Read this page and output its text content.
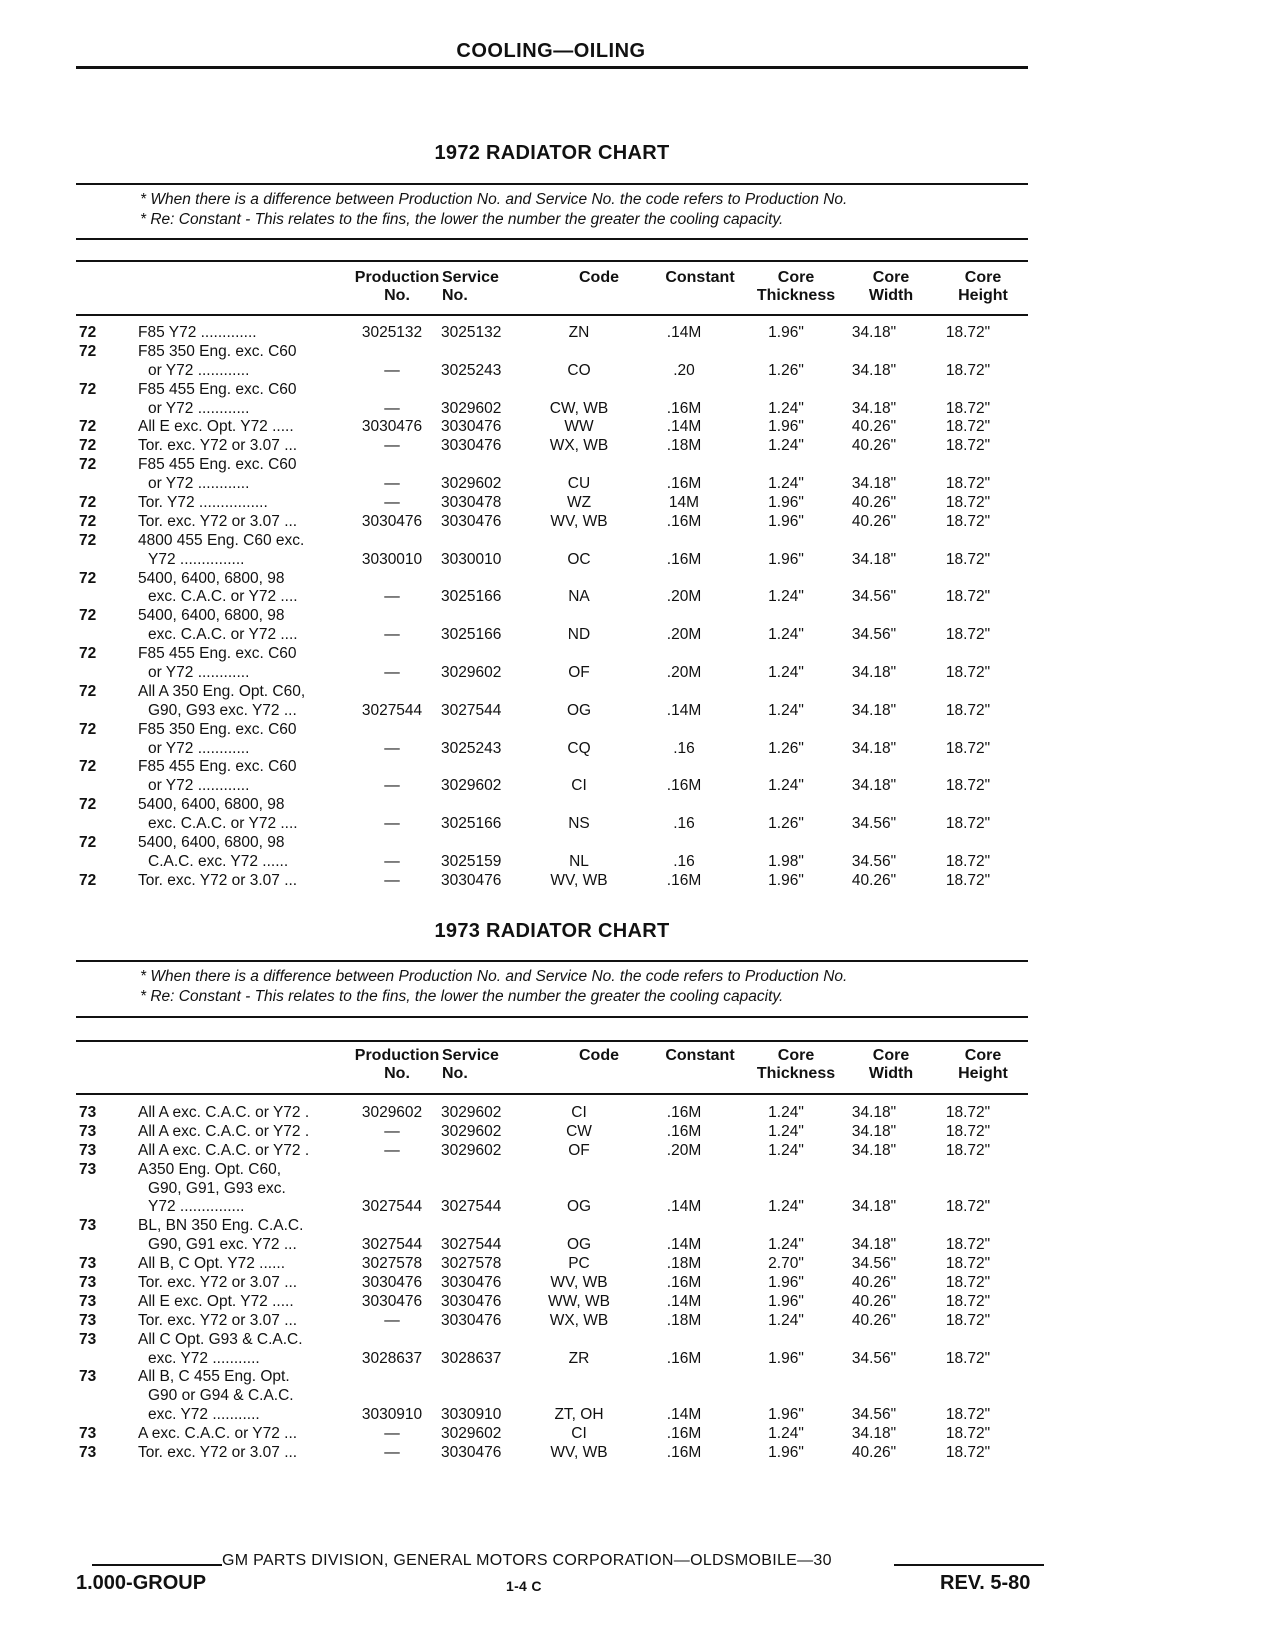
COOLING—OILING
1972 RADIATOR CHART
* When there is a difference between Production No. and Service No. the code refers to Production No.
* Re: Constant - This relates to the fins, the lower the number the greater the cooling capacity.
Production
No.
Service
No.
Code	Constant	Core
Thickness
Core
Width
Core
Height
72	F85 Y72 .............	3025132	3025132	ZN	.14M	1.96"	34.18"	18.72"
72	F85 350 Eng. exc. C60
or Y72 ............	—	3025243	CO	.20	1.26"	34.18"	18.72"
72	F85 455 Eng. exc. C60
or Y72 ............	—	3029602	CW, WB	.16M	1.24"	34.18"	18.72"
72	All E exc. Opt. Y72 .....	3030476	3030476	WW	.14M	1.96"	40.26"	18.72"
72	Tor. exc. Y72 or 3.07 ...	—	3030476	WX, WB	.18M	1.24"	40.26"	18.72"
72	F85 455 Eng. exc. C60
or Y72 ............	—	3029602	CU	.16M	1.24"	34.18"	18.72"
72	Tor. Y72 ................	—	3030478	WZ	14M	1.96"	40.26"	18.72"
72	Tor. exc. Y72 or 3.07 ...	3030476	3030476	WV, WB	.16M	1.96"	40.26"	18.72"
72	4800 455 Eng. C60 exc.
Y72 ...............	3030010	3030010	OC	.16M	1.96"	34.18"	18.72"
72	5400, 6400, 6800, 98
exc. C.A.C. or Y72 ....	—	3025166	NA	.20M	1.24"	34.56"	18.72"
72	5400, 6400, 6800, 98
exc. C.A.C. or Y72 ....	—	3025166	ND	.20M	1.24"	34.56"	18.72"
72	F85 455 Eng. exc. C60
or Y72 ............	—	3029602	OF	.20M	1.24"	34.18"	18.72"
72	All A 350 Eng. Opt. C60,
G90, G93 exc. Y72 ...	3027544	3027544	OG	.14M	1.24"	34.18"	18.72"
72	F85 350 Eng. exc. C60
or Y72 ............	—	3025243	CQ	.16	1.26"	34.18"	18.72"
72	F85 455 Eng. exc. C60
or Y72 ............	—	3029602	CI	.16M	1.24"	34.18"	18.72"
72	5400, 6400, 6800, 98
exc. C.A.C. or Y72 ....	—	3025166	NS	.16	1.26"	34.56"	18.72"
72	5400, 6400, 6800, 98
C.A.C. exc. Y72 ......	—	3025159	NL	.16	1.98"	34.56"	18.72"
72	Tor. exc. Y72 or 3.07 ...	—	3030476	WV, WB	.16M	1.96"	40.26"	18.72"
1973 RADIATOR CHART
* When there is a difference between Production No. and Service No. the code refers to Production No.
* Re: Constant - This relates to the fins, the lower the number the greater the cooling capacity.
Production
No.
Service
No.
Code	Constant	Core
Thickness
Core
Width
Core
Height
73	All A exc. C.A.C. or Y72 .	3029602	3029602	CI	.16M	1.24"	34.18"	18.72"
73	All A exc. C.A.C. or Y72 .	—	3029602	CW	.16M	1.24"	34.18"	18.72"
73	All A exc. C.A.C. or Y72 .	—	3029602	OF	.20M	1.24"	34.18"	18.72"
73	A350 Eng. Opt. C60,
G90, G91, G93 exc.
Y72 ...............	3027544	3027544	OG	.14M	1.24"	34.18"	18.72"
73	BL, BN 350 Eng. C.A.C.
G90, G91 exc. Y72 ...	3027544	3027544	OG	.14M	1.24"	34.18"	18.72"
73	All B, C Opt. Y72 ......	3027578	3027578	PC	.18M	2.70"	34.56"	18.72"
73	Tor. exc. Y72 or 3.07 ...	3030476	3030476	WV, WB	.16M	1.96"	40.26"	18.72"
73	All E exc. Opt. Y72 .....	3030476	3030476	WW, WB	.14M	1.96"	40.26"	18.72"
73	Tor. exc. Y72 or 3.07 ...	—	3030476	WX, WB	.18M	1.24"	40.26"	18.72"
73	All C Opt. G93 & C.A.C.
exc. Y72 ...........	3028637	3028637	ZR	.16M	1.96"	34.56"	18.72"
73	All B, C 455 Eng. Opt.
G90 or G94 & C.A.C.
exc. Y72 ...........	3030910	3030910	ZT, OH	.14M	1.96"	34.56"	18.72"
73	A exc. C.A.C. or Y72 ...	—	3029602	CI	.16M	1.24"	34.18"	18.72"
73	Tor. exc. Y72 or 3.07 ...	—	3030476	WV, WB	.16M	1.96"	40.26"	18.72"
GM PARTS DIVISION, GENERAL MOTORS CORPORATION—OLDSMOBILE—30
1.000-GROUP	1-4 C	REV. 5-80
